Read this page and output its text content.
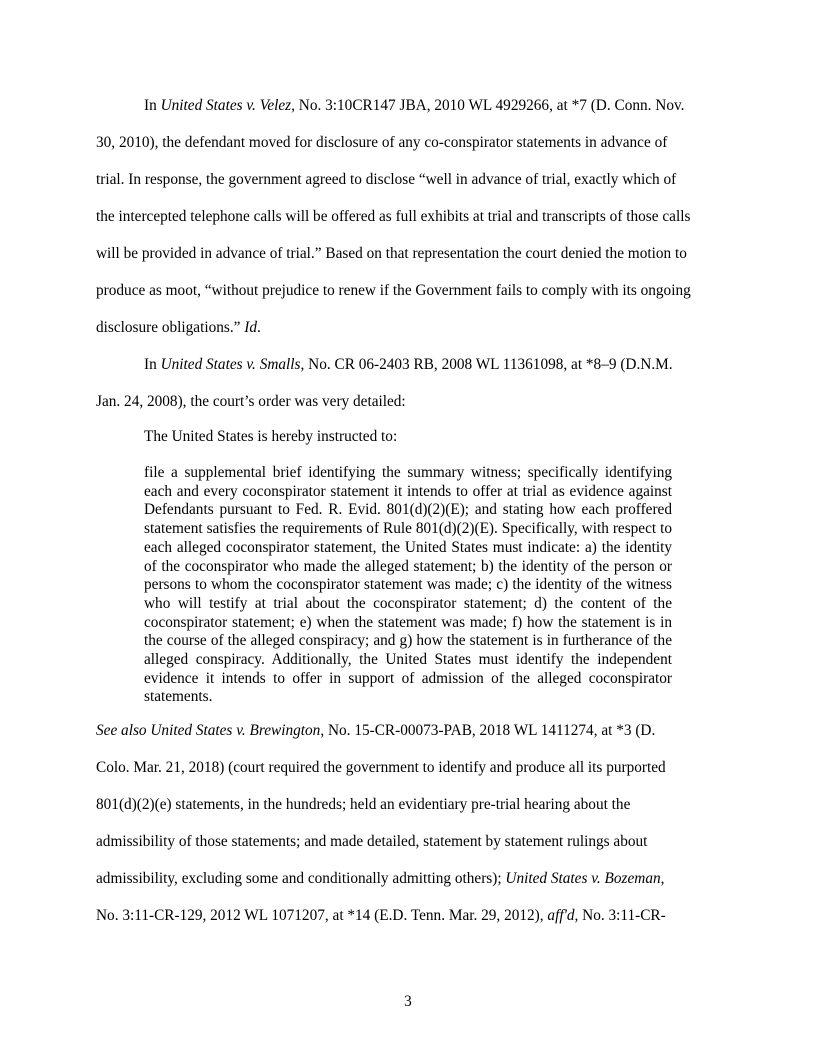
In United States v. Velez, No. 3:10CR147 JBA, 2010 WL 4929266, at *7 (D. Conn. Nov.
30, 2010), the defendant moved for disclosure of any co-conspirator statements in advance of
trial. In response, the government agreed to disclose “well in advance of trial, exactly which of
the intercepted telephone calls will be offered as full exhibits at trial and transcripts of those calls
will be provided in advance of trial.” Based on that representation the court denied the motion to
produce as moot, “without prejudice to renew if the Government fails to comply with its ongoing
disclosure obligations.” Id.
In United States v. Smalls, No. CR 06-2403 RB, 2008 WL 11361098, at *8–9 (D.N.M.
Jan. 24, 2008), the court’s order was very detailed:
The United States is hereby instructed to:
file a supplemental brief identifying the summary witness; specifically identifying each and every coconspirator statement it intends to offer at trial as evidence against Defendants pursuant to Fed. R. Evid. 801(d)(2)(E); and stating how each proffered statement satisfies the requirements of Rule 801(d)(2)(E). Specifically, with respect to each alleged coconspirator statement, the United States must indicate: a) the identity of the coconspirator who made the alleged statement; b) the identity of the person or persons to whom the coconspirator statement was made; c) the identity of the witness who will testify at trial about the coconspirator statement; d) the content of the coconspirator statement; e) when the statement was made; f) how the statement is in the course of the alleged conspiracy; and g) how the statement is in furtherance of the alleged conspiracy. Additionally, the United States must identify the independent evidence it intends to offer in support of admission of the alleged coconspirator statements.
See also United States v. Brewington, No. 15-CR-00073-PAB, 2018 WL 1411274, at *3 (D.
Colo. Mar. 21, 2018) (court required the government to identify and produce all its purported
801(d)(2)(e) statements, in the hundreds; held an evidentiary pre-trial hearing about the
admissibility of those statements; and made detailed, statement by statement rulings about
admissibility, excluding some and conditionally admitting others); United States v. Bozeman,
No. 3:11-CR-129, 2012 WL 1071207, at *14 (E.D. Tenn. Mar. 29, 2012), aff'd, No. 3:11-CR-
3
